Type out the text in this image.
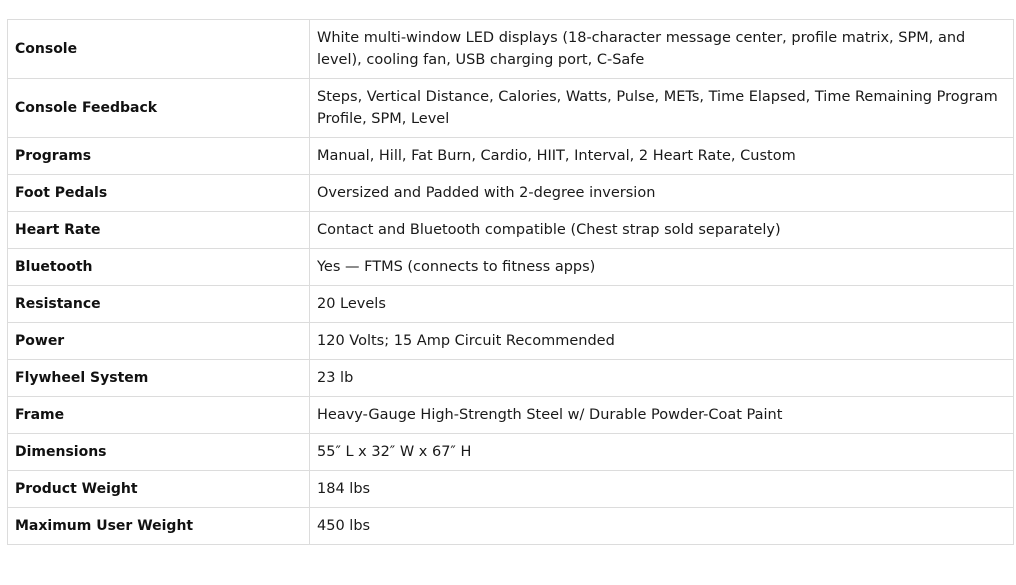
Console	White multi-window LED displays (18-character message center, profile matrix, SPM, and level), cooling fan, USB charging port, C-Safe
Console Feedback	Steps, Vertical Distance, Calories, Watts, Pulse, METs, Time Elapsed, Time Remaining Program Profile, SPM, Level
Programs	Manual, Hill, Fat Burn, Cardio, HIIT, Interval, 2 Heart Rate, Custom
Foot Pedals	Oversized and Padded with 2-degree inversion
Heart Rate	Contact and Bluetooth compatible (Chest strap sold separately)
Bluetooth	Yes — FTMS (connects to fitness apps)
Resistance	20 Levels
Power	120 Volts; 15 Amp Circuit Recommended
Flywheel System	23 lb
Frame	Heavy-Gauge High-Strength Steel w/ Durable Powder-Coat Paint
Dimensions	55″ L x 32″ W x 67″ H
Product Weight	184 lbs
Maximum User Weight	450 lbs
